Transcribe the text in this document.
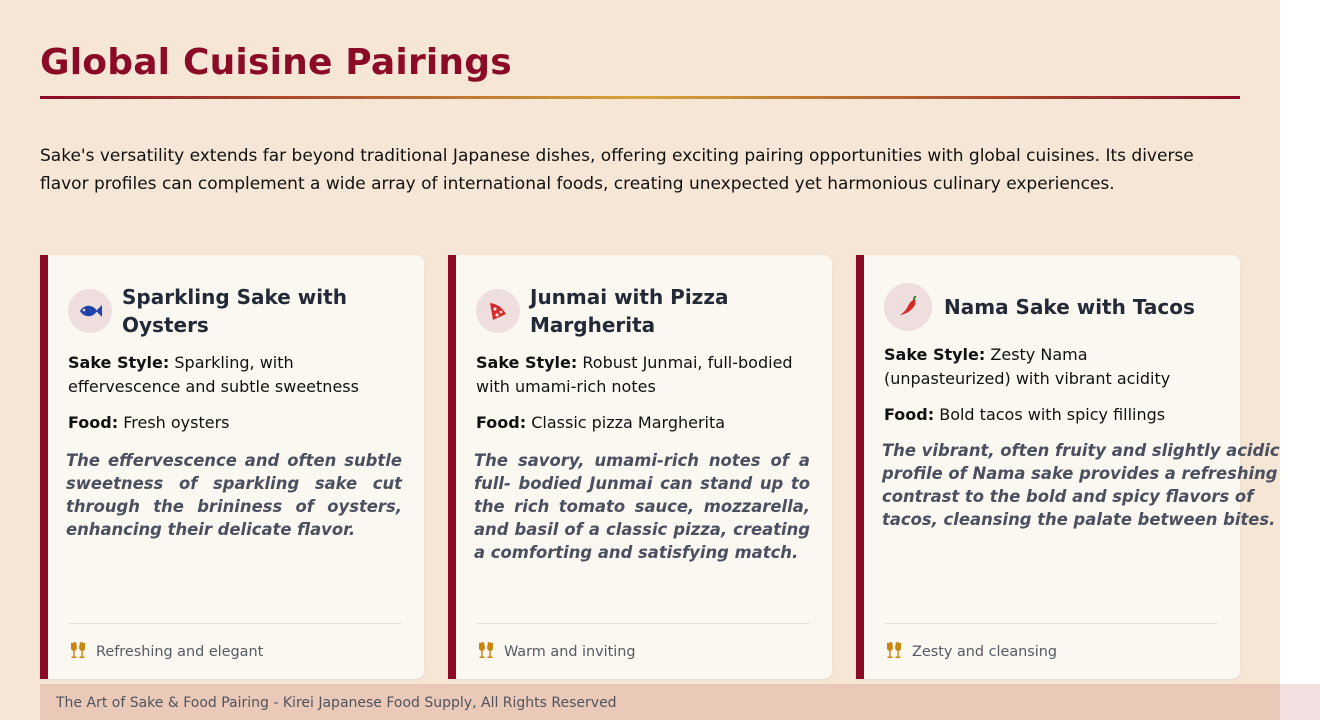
Global Cuisine Pairings

Sake's versatility extends far beyond traditional Japanese dishes, offering exciting pairing opportunities with global cuisines. Its diverse flavor profiles can complement a wide array of international foods, creating unexpected yet harmonious culinary experiences.

Sparkling Sake with Oysters

Sake Style: Sparkling, with effervescence and subtle sweetness

Food: Fresh oysters

The effervescence and often subtle sweetness of sparkling sake cut through the brininess of oysters, enhancing their delicate flavor.

Refreshing and elegant
Junmai with Pizza Margherita

Sake Style: Robust Junmai, full-bodied with umami-rich notes

Food: Classic pizza Margherita

The savory, umami-rich notes of a full- bodied Junmai can stand up to the rich tomato sauce, mozzarella, and basil of a classic pizza, creating a comforting and satisfying match.

Warm and inviting
Nama Sake with Tacos

Sake Style: Zesty Nama (unpasteurized) with vibrant acidity

Food: Bold tacos with spicy fillings

The vibrant, often fruity and slightly acidic profile of Nama sake provides a refreshing contrast to the bold and spicy flavors of tacos, cleansing the palate between bites.

Zesty and cleansing
The Art of Sake & Food Pairing - Kirei Japanese Food Supply, All Rights Reserved
